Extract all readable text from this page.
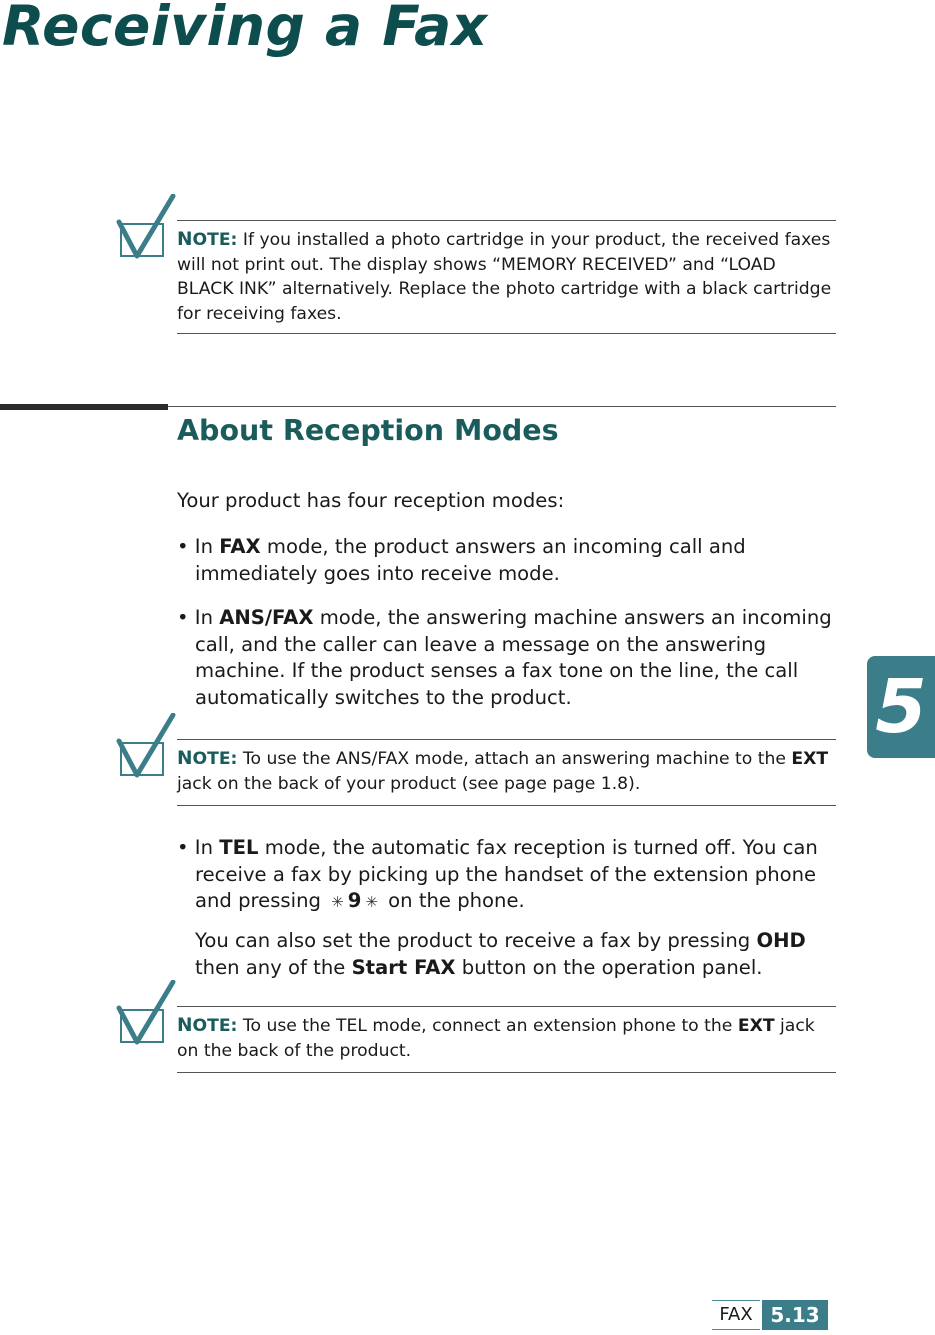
Receiving a Fax
NOTE: If you installed a photo cartridge in your product, the received faxes will not print out. The display shows “MEMORY RECEIVED” and “LOAD BLACK INK” alternatively. Replace the photo cartridge with a black cartridge for receiving faxes.
About Reception Modes
Your product has four reception modes:
• In FAX mode, the product answers an incoming call and immediately goes into receive mode.
• In ANS/FAX mode, the answering machine answers an incoming call, and the caller can leave a message on the answering machine. If the product senses a fax tone on the line, the call automatically switches to the product.
NOTE: To use the ANS/FAX mode, attach an answering machine to the EXT jack on the back of your product (see page page 1.8).
• In TEL mode, the automatic fax reception is turned off. You can receive a fax by picking up the handset of the extension phone and pressing ✳ 9 ✳ on the phone.
You can also set the product to receive a fax by pressing OHD then any of the Start FAX button on the operation panel.
NOTE: To use the TEL mode, connect an extension phone to the EXT jack on the back of the product.
5
FAX 5.13
